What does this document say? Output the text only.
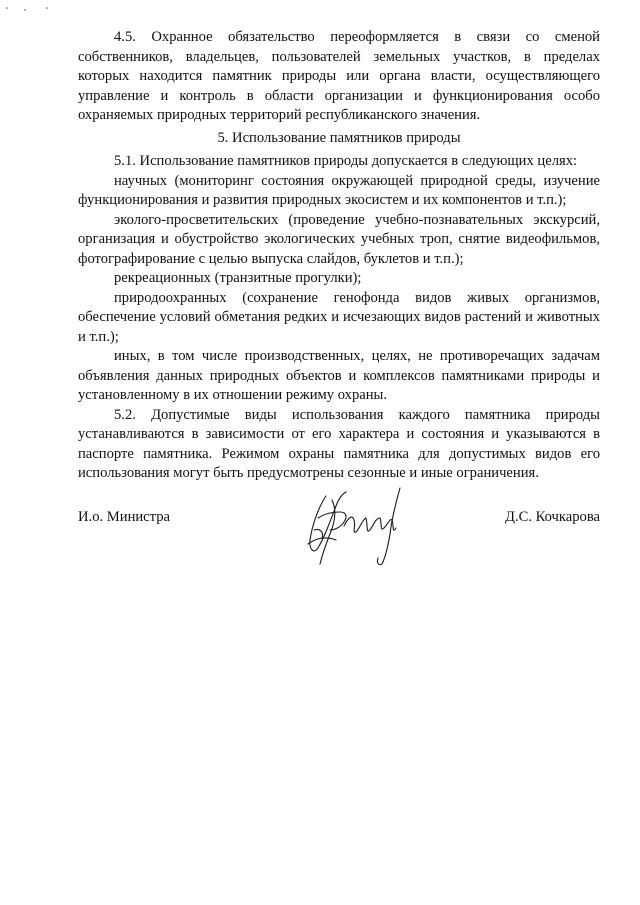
4.5. Охранное обязательство переоформляется в связи со сменой собственников, владельцев, пользователей земельных участков, в пределах которых находится памятник природы или органа власти, осуществляющего управление и контроль в области организации и функционирования особо охраняемых природных территорий республиканского значения.

5. Использование памятников природы

5.1. Использование памятников природы допускается в следующих целях:

научных (мониторинг состояния окружающей природной среды, изучение функционирования и развития природных экосистем и их компонентов и т.п.);

эколого-просветительских (проведение учебно-познавательных экскурсий, организация и обустройство экологических учебных троп, снятие видеофильмов, фотографирование с целью выпуска слайдов, буклетов и т.п.);

рекреационных (транзитные прогулки);

природоохранных (сохранение генофонда видов живых организмов, обеспечение условий обметания редких и исчезающих видов растений и животных и т.п.);

иных, в том числе производственных, целях, не противоречащих задачам объявления данных природных объектов и комплексов памятниками природы и установленному в их отношении режиму охраны.

5.2. Допустимые виды использования каждого памятника природы устанавливаются в зависимости от его характера и состояния и указываются в паспорте памятника. Режимом охраны памятника для допустимых видов его использования могут быть предусмотрены сезонные и иные ограничения.

И.о. Министра	Д.С. Кочкарова
